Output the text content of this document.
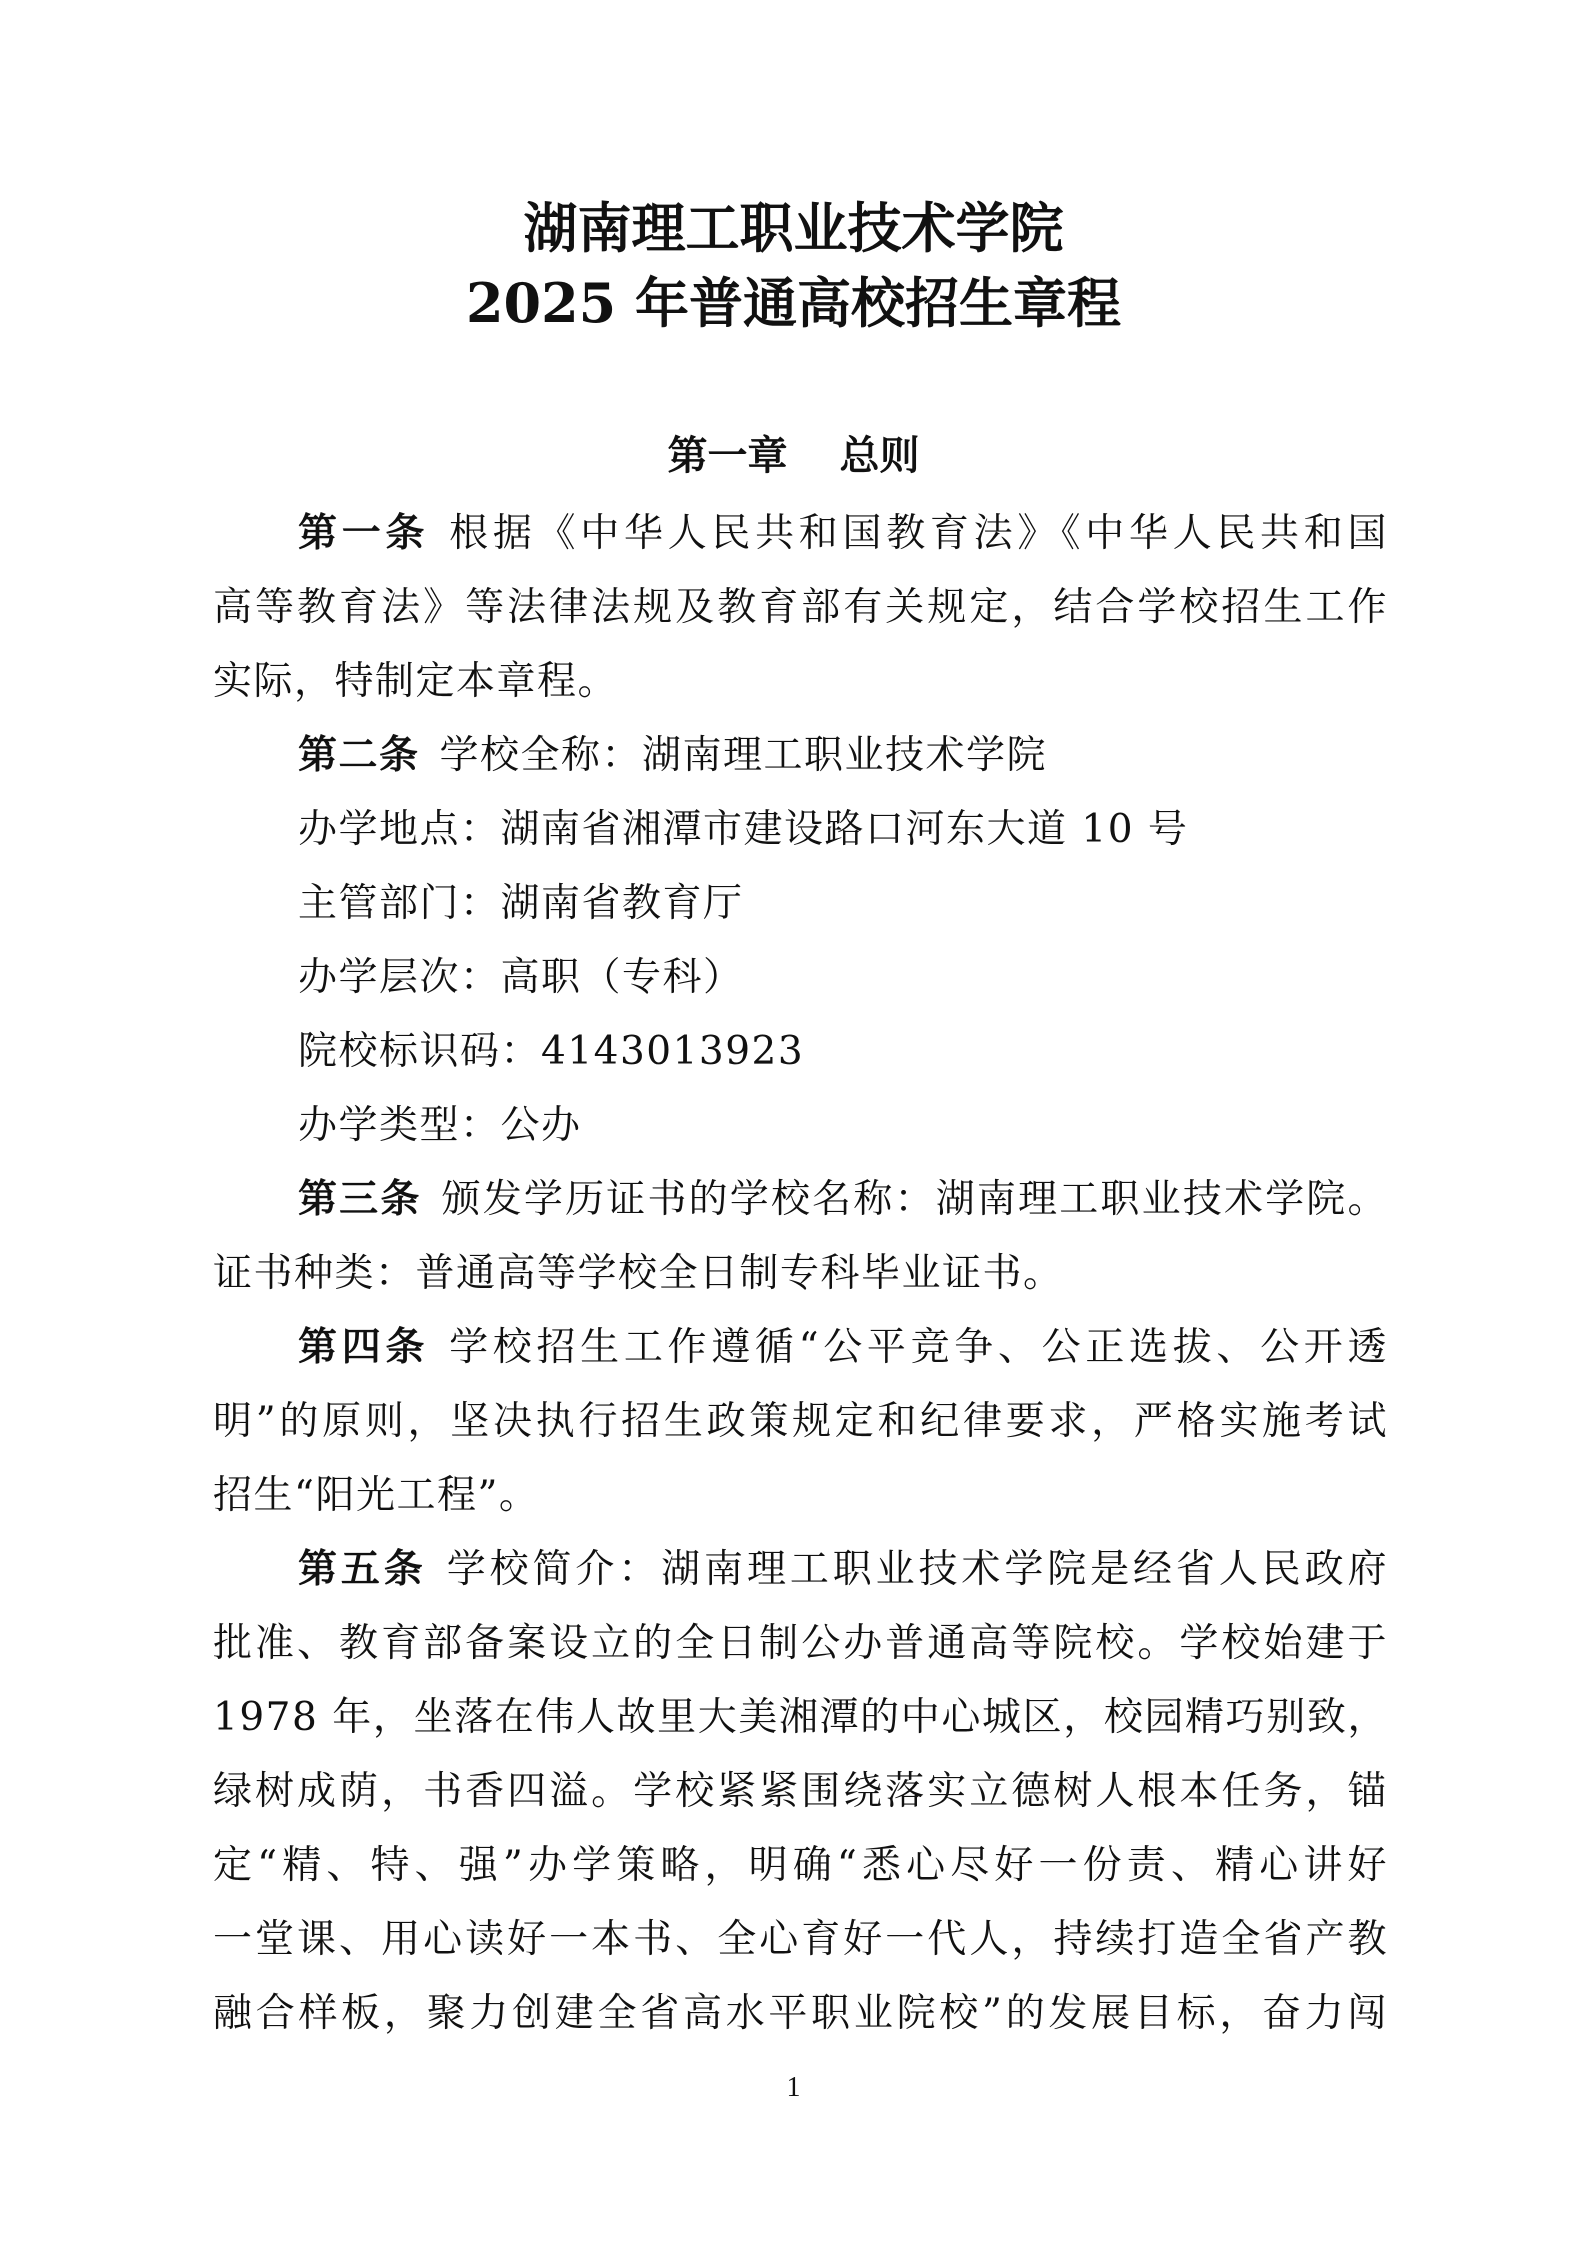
湖南理工职业技术学院
2025 年普通高校招生章程
第一章 总则
第一条 根据《中华人民共和国教育法》《中华人民共和国
高等教育法》等法律法规及教育部有关规定，结合学校招生工作
实际，特制定本章程。
第二条 学校全称：湖南理工职业技术学院
办学地点：湖南省湘潭市建设路口河东大道 10 号
主管部门：湖南省教育厅
办学层次：高职（专科）
院校标识码：4143013923
办学类型：公办
第三条 颁发学历证书的学校名称：湖南理工职业技术学院。
证书种类：普通高等学校全日制专科毕业证书。
第四条 学校招生工作遵循“公平竞争、公正选拔、公开透
明”的原则，坚决执行招生政策规定和纪律要求，严格实施考试
招生“阳光工程”。
第五条 学校简介：湖南理工职业技术学院是经省人民政府
批准、教育部备案设立的全日制公办普通高等院校。学校始建于
1978 年，坐落在伟人故里大美湘潭的中心城区，校园精巧别致，
绿树成荫，书香四溢。学校紧紧围绕落实立德树人根本任务，锚
定“精、特、强”办学策略，明确“悉心尽好一份责、精心讲好
一堂课、用心读好一本书、全心育好一代人，持续打造全省产教
融合样板，聚力创建全省高水平职业院校”的发展目标，奋力闯
1
